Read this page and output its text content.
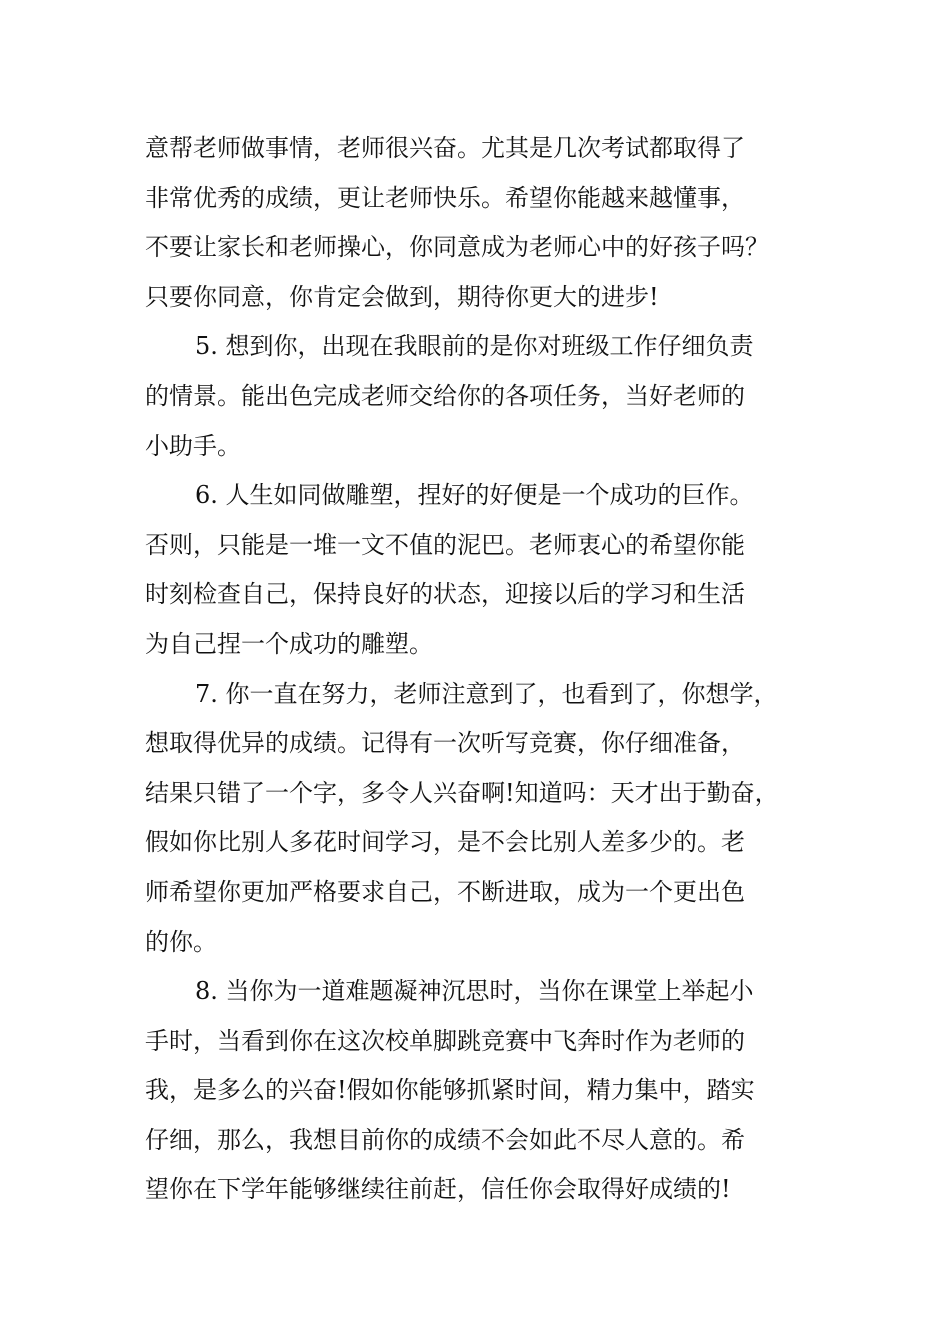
意帮老师做事情，老师很兴奋。尤其是几次考试都取得了
非常优秀的成绩，更让老师快乐。希望你能越来越懂事，
不要让家长和老师操心，你同意成为老师心中的好孩子吗？
只要你同意，你肯定会做到，期待你更大的进步!
5. 想到你，出现在我眼前的是你对班级工作仔细负责
的情景。能出色完成老师交给你的各项任务，当好老师的
小助手。
6. 人生如同做雕塑，捏好的好便是一个成功的巨作。
否则，只能是一堆一文不值的泥巴。老师衷心的希望你能
时刻检查自己，保持良好的状态，迎接以后的学习和生活
为自己捏一个成功的雕塑。
7. 你一直在努力，老师注意到了，也看到了，你想学，
想取得优异的成绩。记得有一次听写竞赛，你仔细准备，
结果只错了一个字，多令人兴奋啊!知道吗：天才出于勤奋，
假如你比别人多花时间学习，是不会比别人差多少的。老
师希望你更加严格要求自己，不断进取，成为一个更出色
的你。
8. 当你为一道难题凝神沉思时，当你在课堂上举起小
手时，当看到你在这次校单脚跳竞赛中飞奔时作为老师的
我，是多么的兴奋!假如你能够抓紧时间，精力集中，踏实
仔细，那么，我想目前你的成绩不会如此不尽人意的。希
望你在下学年能够继续往前赶，信任你会取得好成绩的!
